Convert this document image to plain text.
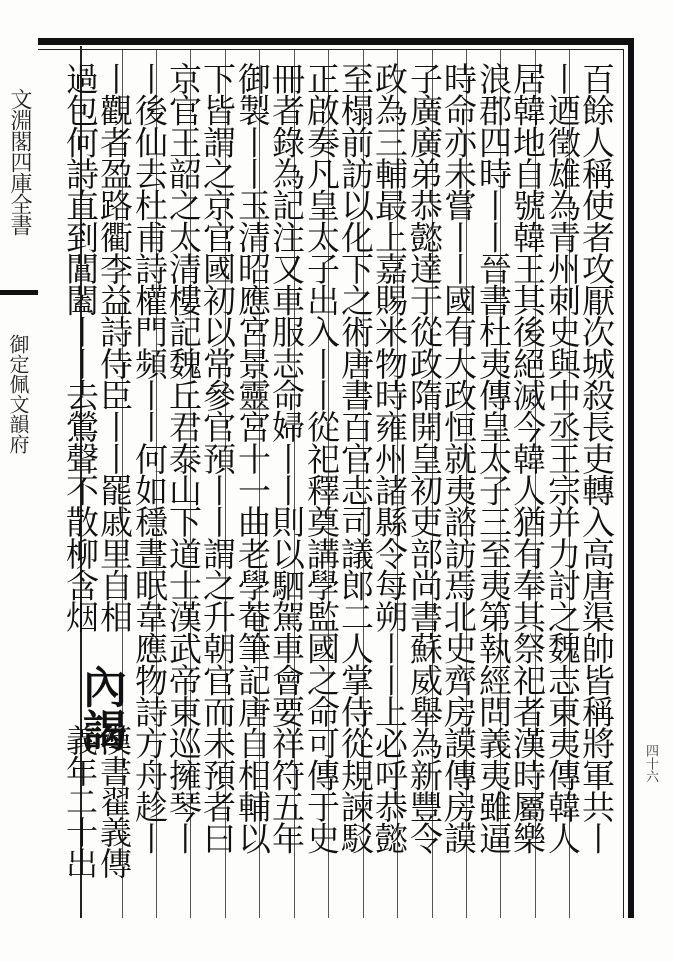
文淵閣四庫全書
御定佩文韻府
四十六
百餘人稱使者攻厭次城殺長吏轉入高唐渠帥皆稱將軍共丨
丨迺徵雄為青州刺史與中丞王宗并力討之魏志東夷傳韓人
居韓地自號韓王其後絕滅今韓人猶有奉其祭祀者漢時屬樂
浪郡四時丨丨晉書杜夷傳皇太子三至夷第執經問義夷雖逼
時命亦未嘗丨丨國有大政恒就夷諮訪焉北史齊房謨傳房謨
子廣廣弟恭懿達于從政隋開皇初吏部尚書蘇威舉為新豐令
政為三輔最上嘉賜米物時雍州諸縣令每朔丨丨上必呼恭懿
至榻前訪以化下之術唐書百官志司議郎二人掌侍從規諫駁
正啟奏凡皇太子出入丨丨從祀釋奠講學監國之命可傳于史
冊者錄為記注又車服志命婦丨丨則以駟駕車會要祥符五年
御製丨丨玉清昭應宮景靈宮十一曲老學菴筆記唐自相輔以
下皆謂之京官國初以常參官預丨丨謂之升朝官而未預者曰
京官王韶之太清樓記魏丘君泰山下道士漢武帝東巡擁琴丨
丨後仙去杜甫詩權門頻丨丨何如穩晝眠韋應物詩方舟趁丨
丨觀者盈路衢李益詩侍臣丨丨罷戚里自相
過包何詩直到閶闔丨丨去鶯聲不散柳含烟
內謁
漢書翟義傳
義年二十出
